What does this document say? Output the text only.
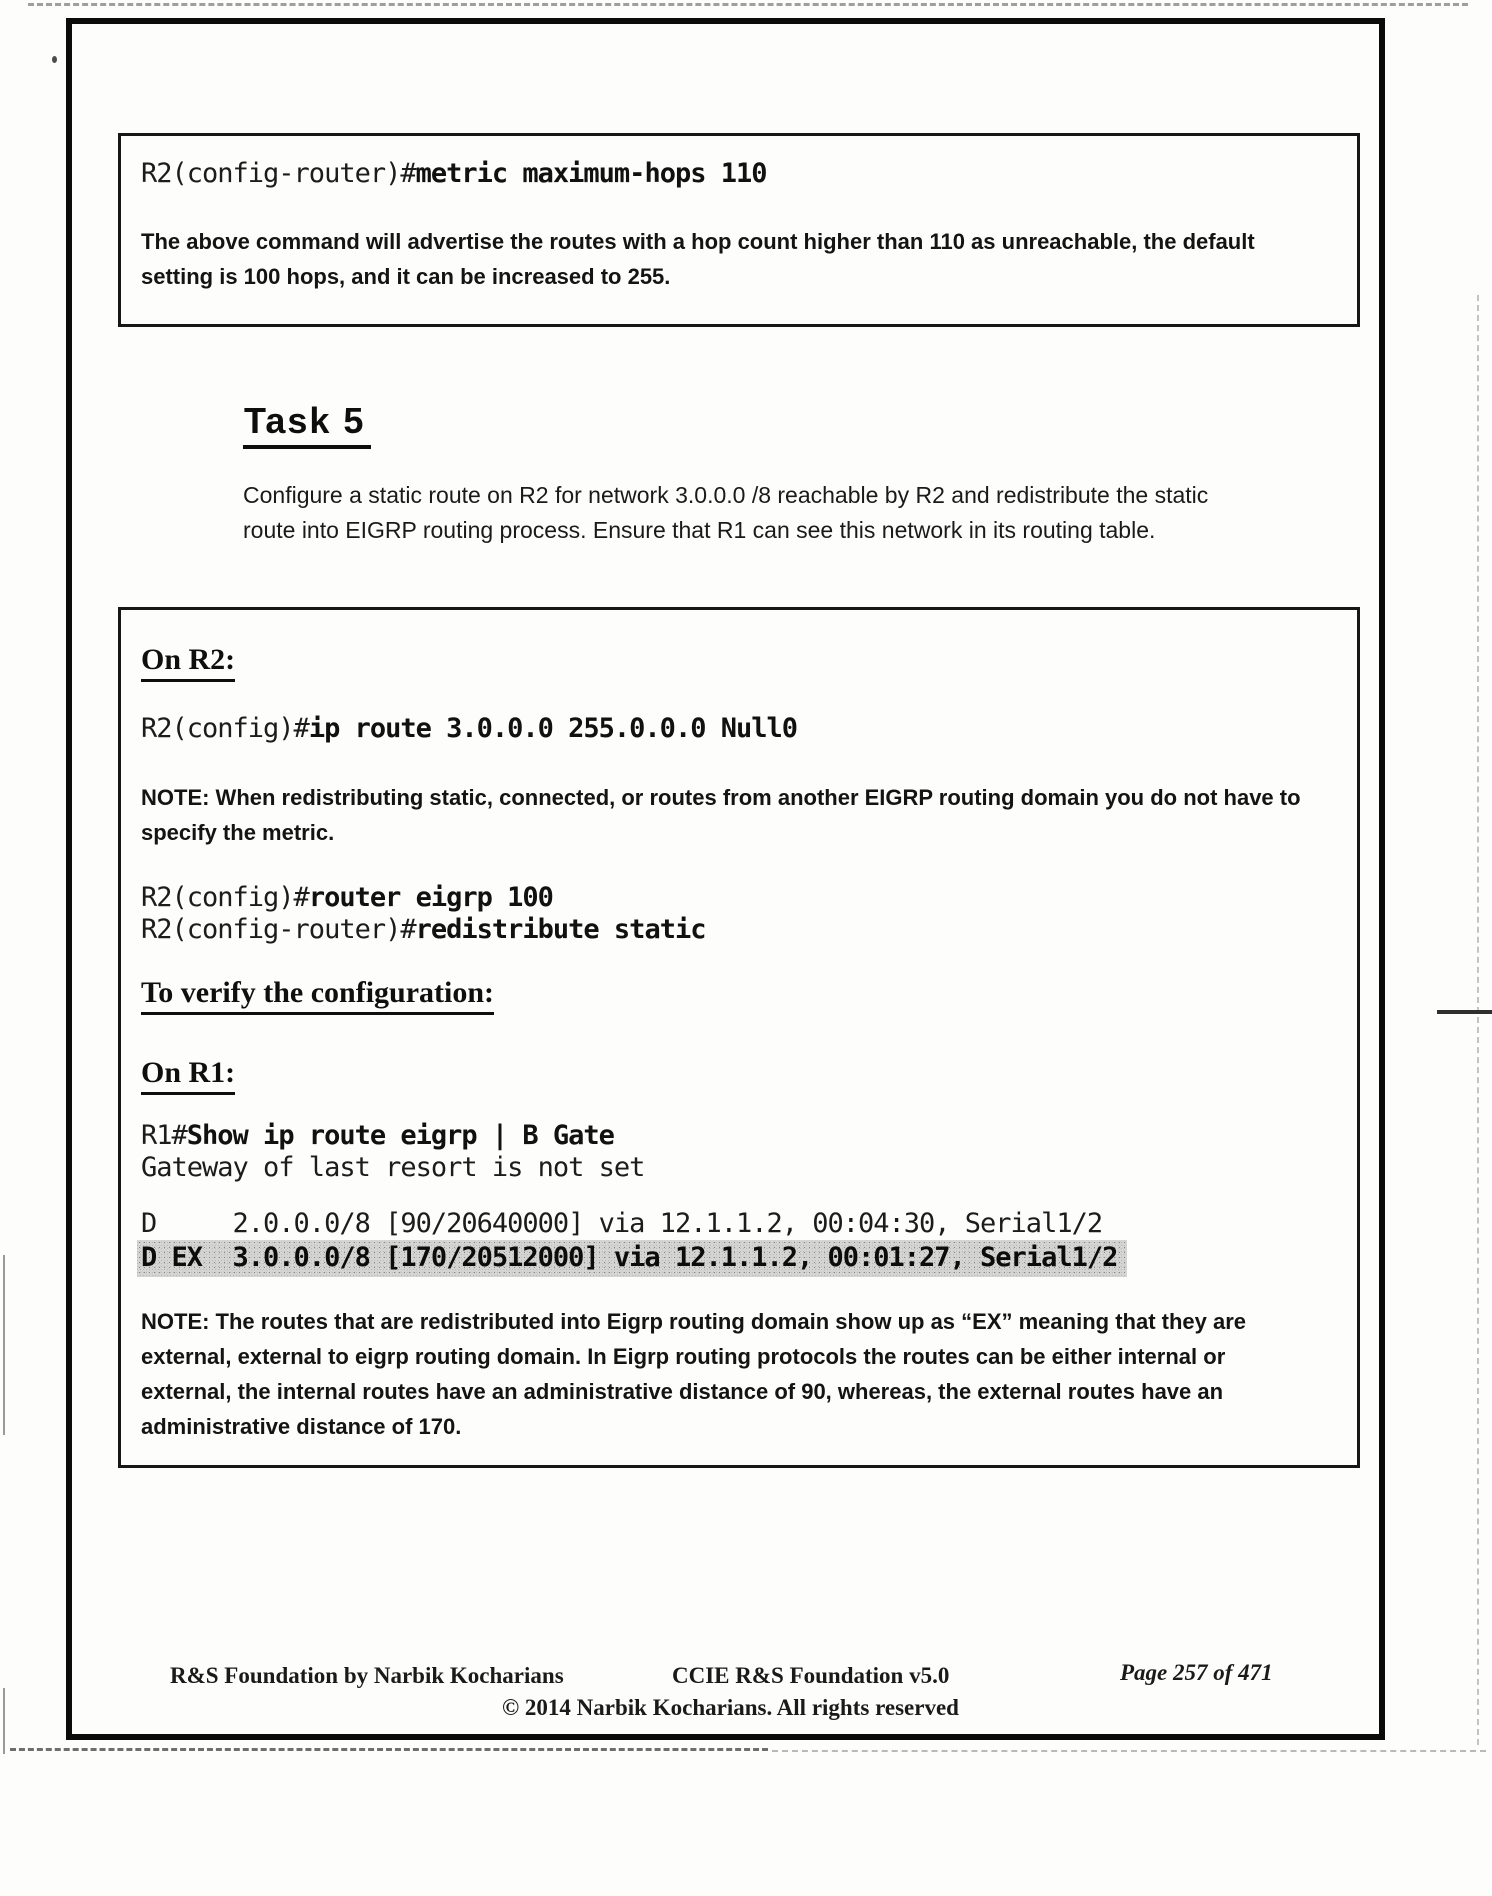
R2(config-router)#metric maximum-hops 110
The above command will advertise the routes with a hop count higher than 110 as unreachable, the default setting is 100 hops, and it can be increased to 255.
Task 5
Configure a static route on R2 for network 3.0.0.0 /8 reachable by R2 and redistribute the static route into EIGRP routing process. Ensure that R1 can see this network in its routing table.
On R2:
R2(config)#ip route 3.0.0.0 255.0.0.0 Null0
NOTE: When redistributing static, connected, or routes from another EIGRP routing domain you do not have to specify the metric.
R2(config)#router eigrp 100
R2(config-router)#redistribute static
To verify the configuration:
On R1:
R1#Show ip route eigrp | B Gate
Gateway of last resort is not set
D     2.0.0.0/8 [90/20640000] via 12.1.1.2, 00:04:30, Serial1/2
D EX  3.0.0.0/8 [170/20512000] via 12.1.1.2, 00:01:27, Serial1/2
NOTE: The routes that are redistributed into Eigrp routing domain show up as “EX” meaning that they are external, external to eigrp routing domain. In Eigrp routing protocols the routes can be either internal or external, the internal routes have an administrative distance of 90, whereas, the external routes have an administrative distance of 170.
R&S Foundation by Narbik Kocharians	CCIE R&S Foundation v5.0	Page 257 of 471
© 2014 Narbik Kocharians. All rights reserved
